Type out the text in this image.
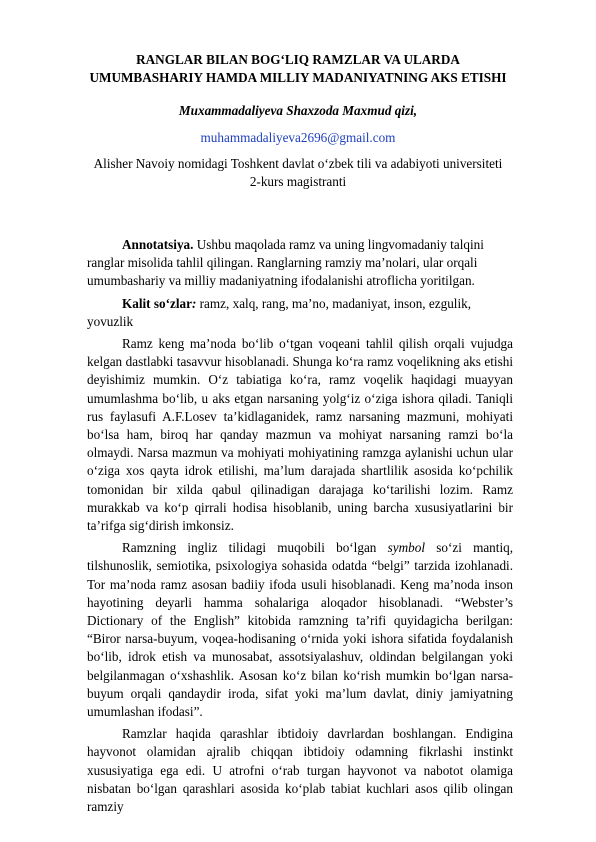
RANGLAR BILAN BOG‘LIQ RAMZLAR VA ULARDA
UMUMBASHARIY HAMDA MILLIY MADANIYATNING AKS ETISHI
Muxammadaliyeva Shaxzoda Maxmud qizi,
muhammadaliyeva2696@gmail.com
Alisher Navoiy nomidagi Toshkent davlat o‘zbek tili va adabiyoti universiteti
2-kurs magistranti

Annotatsiya. Ushbu maqolada ramz va uning lingvomadaniy talqini ranglar misolida tahlil qilingan. Ranglarning ramziy ma’nolari, ular orqali umumbashariy va milliy madaniyatning ifodalanishi atroflicha yoritilgan.

Kalit so‘zlar: ramz, xalq, rang, ma’no, madaniyat, inson, ezgulik, yovuzlik

Ramz keng ma’noda bo‘lib o‘tgan voqeani tahlil qilish orqali vujudga kelgan dastlabki tasavvur hisoblanadi. Shunga ko‘ra ramz voqelikning aks etishi deyishimiz mumkin. O‘z tabiatiga ko‘ra, ramz voqelik haqidagi muayyan umumlashma bo‘lib, u aks etgan narsaning yolg‘iz o‘ziga ishora qiladi. Taniqli rus faylasufi A.F.Losev ta’kidlaganidek, ramz narsaning mazmuni, mohiyati bo‘lsa ham, biroq har qanday mazmun va mohiyat narsaning ramzi bo‘la olmaydi. Narsa mazmun va mohiyati mohiyatining ramzga aylanishi uchun ular o‘ziga xos qayta idrok etilishi, ma’lum darajada shartlilik asosida ko‘pchilik tomonidan bir xilda qabul qilinadigan darajaga ko‘tarilishi lozim. Ramz murakkab va ko‘p qirrali hodisa hisoblanib, uning barcha xususiyatlarini bir ta’rifga sig‘dirish imkonsiz.

Ramzning ingliz tilidagi muqobili bo‘lgan symbol so‘zi mantiq, tilshunoslik, semiotika, psixologiya sohasida odatda “belgi” tarzida izohlanadi. Tor ma’noda ramz asosan badiiy ifoda usuli hisoblanadi. Keng ma’noda inson hayotining deyarli hamma sohalariga aloqador hisoblanadi. “Webster’s Dictionary of the English” kitobida ramzning ta’rifi quyidagicha berilgan: “Biror narsa-buyum, voqea-hodisaning o‘rnida yoki ishora sifatida foydalanish bo‘lib, idrok etish va munosabat, assotsiyalashuv, oldindan belgilangan yoki belgilanmagan o‘xshashlik. Asosan ko‘z bilan ko‘rish mumkin bo‘lgan narsa-buyum orqali qandaydir iroda, sifat yoki ma’lum davlat, diniy jamiyatning umumlashan ifodasi”.

Ramzlar haqida qarashlar ibtidoiy davrlardan boshlangan. Endigina hayvonot olamidan ajralib chiqqan ibtidoiy odamning fikrlashi instinkt xususiyatiga ega edi. U atrofni o‘rab turgan hayvonot va nabotot olamiga nisbatan bo‘lgan qarashlari asosida ko‘plab tabiat kuchlari asos qilib olingan ramziy
